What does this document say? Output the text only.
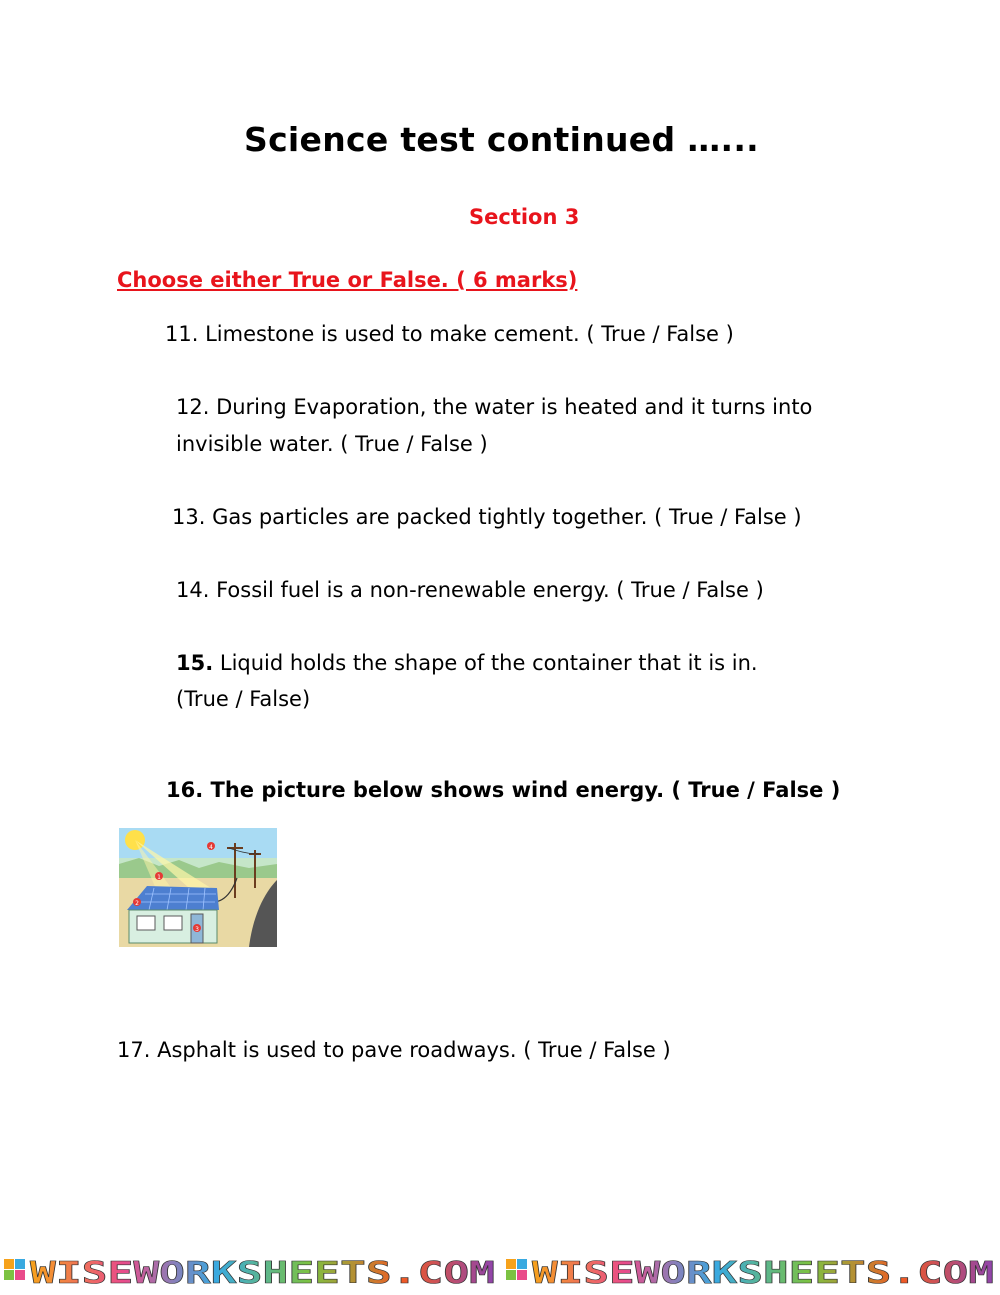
Science test continued …...
Section 3
Choose either True or False. ( 6 marks)
11. Limestone is used to make cement. ( True / False )
12. During Evaporation, the water is heated and it turns into
invisible water. ( True / False )
13. Gas particles are packed tightly together. ( True / False )
14. Fossil fuel is a non-renewable energy. ( True / False )
15. Liquid holds the shape of the container that it is in.
(True / False)
16. The picture below shows wind energy. ( True / False )
1
2
3
4
17. Asphalt is used to pave roadways. ( True / False )
WISEWORKSHEETS.COM WISEWORKSHEETS.COM
